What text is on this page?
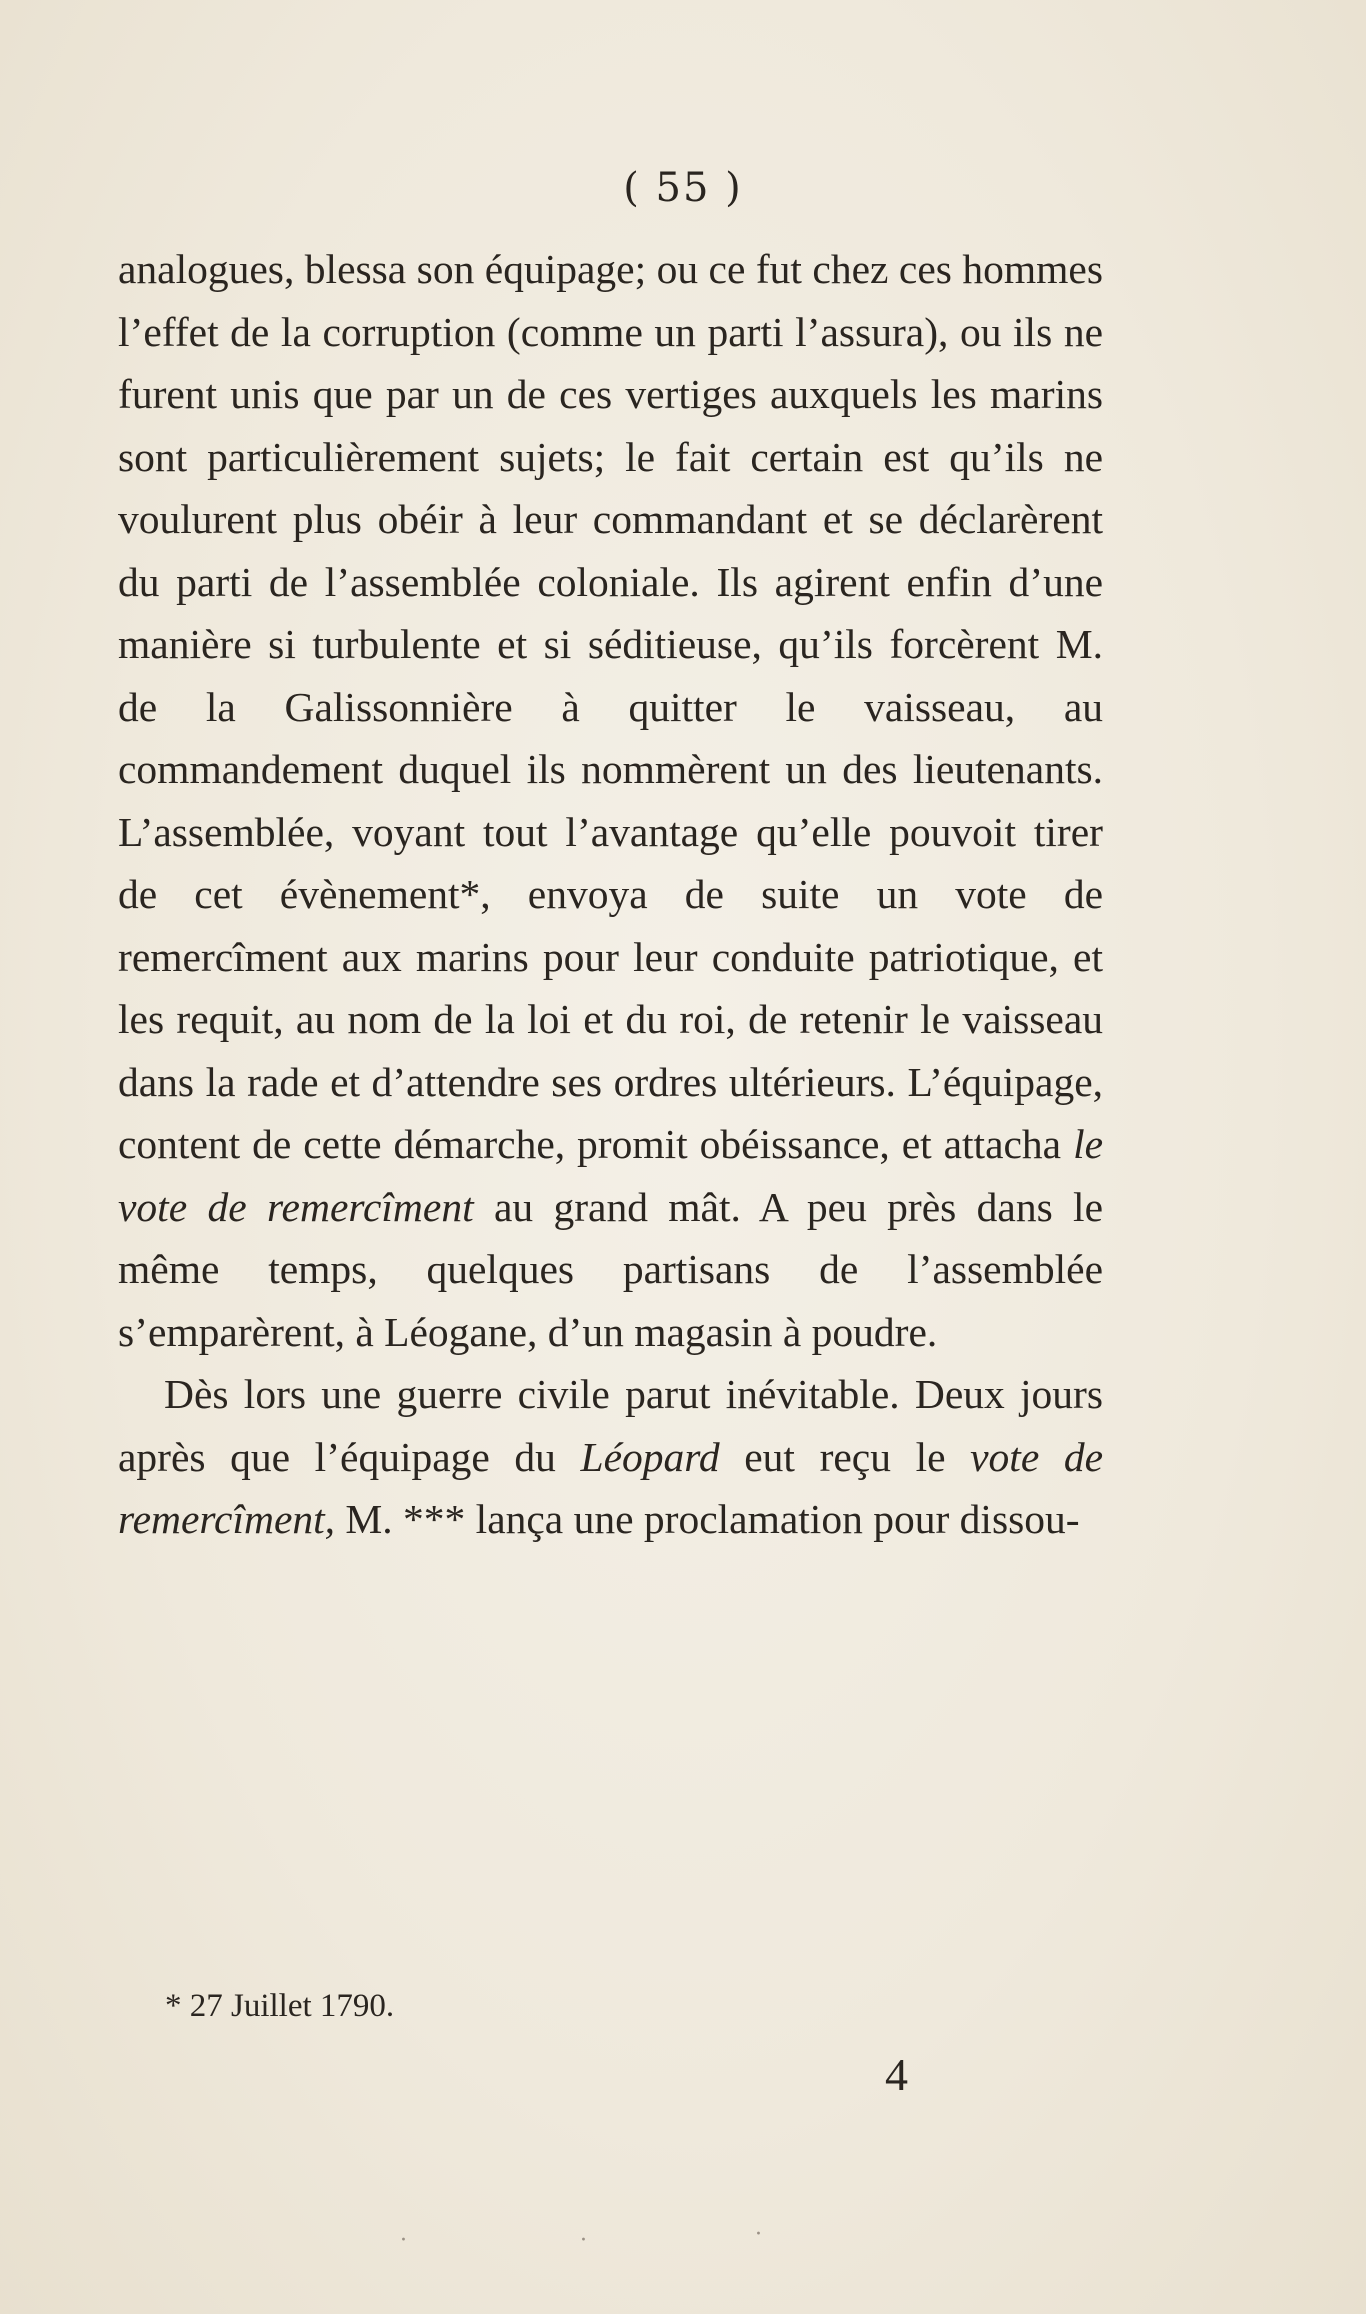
( 55 )

analogues, blessa son équipage; ou ce fut chez ces hommes l’effet de la corruption (comme un parti l’assura), ou ils ne furent unis que par un de ces vertiges auxquels les marins sont particulièrement sujets; le fait certain est qu’ils ne voulurent plus obéir à leur commandant et se déclarèrent du parti de l’assemblée coloniale. Ils agirent enfin d’une manière si turbulente et si séditieuse, qu’ils forcèrent M. de la Galissonnière à quitter le vaisseau, au commandement duquel ils nommèrent un des lieutenants. L’assemblée, voyant tout l’avantage qu’elle pouvoit tirer de cet évènement*, envoya de suite un vote de remercîment aux marins pour leur conduite patriotique, et les requit, au nom de la loi et du roi, de retenir le vaisseau dans la rade et d’attendre ses ordres ultérieurs. L’équipage, content de cette démarche, promit obéissance, et attacha le vote de remercîment au grand mât. A peu près dans le même temps, quelques partisans de l’assemblée s’emparèrent, à Léogane, d’un magasin à poudre.

Dès lors une guerre civile parut inévitable. Deux jours après que l’équipage du Léopard eut reçu le vote de remercîment, M. *** lança une proclamation pour dissou-

* 27 Juillet 1790.
4
·	·	·
